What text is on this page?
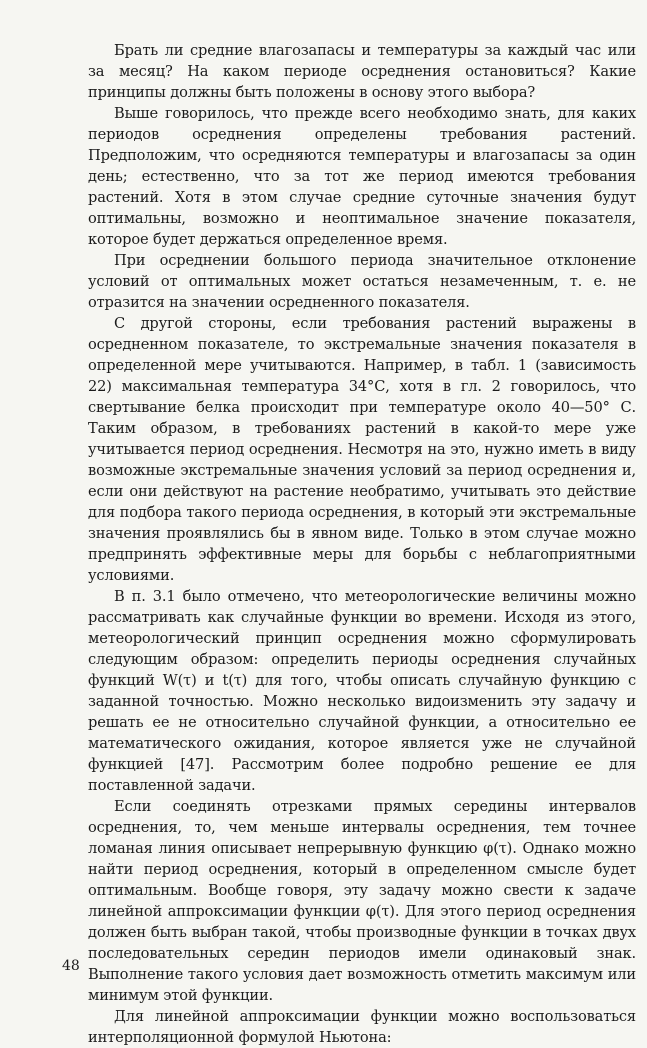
Брать ли средние влагозапасы и температуры за каждый час или за месяц? На каком периоде осреднения остановиться? Какие принципы должны быть положены в основу этого выбора?

Выше говорилось, что прежде всего необходимо знать, для каких периодов осреднения определены требования растений. Предположим, что осредняются температуры и влагозапасы за один день; естественно, что за тот же период имеются требования растений. Хотя в этом случае средние суточные значения будут оптимальны, возможно и неоптимальное значение показателя, которое будет держаться определенное время.

При осреднении большого периода значительное отклонение условий от оптимальных может остаться незамеченным, т. е. не отразится на значении осредненного показателя.

С другой стороны, если требования растений выражены в осредненном показателе, то экстремальные значения показателя в определенной мере учитываются. Например, в табл. 1 (зависимость 22) максимальная температура 34°С, хотя в гл. 2 говорилось, что свертывание белка происходит при температуре около 40—50° С. Таким образом, в требованиях растений в какой-то мере уже учитывается период осреднения. Несмотря на это, нужно иметь в виду возможные экстремальные значения условий за период осреднения и, если они действуют на растение необратимо, учитывать это действие для подбора такого периода осреднения, в который эти экстремальные значения проявлялись бы в явном виде. Только в этом случае можно предпринять эффективные меры для борьбы с неблагоприятными условиями.

В п. 3.1 было отмечено, что метеорологические величины можно рассматривать как случайные функции во времени. Исходя из этого, метеорологический принцип осреднения можно сформулировать следующим образом: определить периоды осреднения случайных функций W(τ) и t(τ) для того, чтобы описать случайную функцию с заданной точностью. Можно несколько видоизменить эту задачу и решать ее не относительно случайной функции, а относительно ее математического ожидания, которое является уже не случайной функцией [47]. Рассмотрим более подробно решение ее для поставленной задачи.

Если соединять отрезками прямых середины интервалов осреднения, то, чем меньше интервалы осреднения, тем точнее ломаная линия описывает непрерывную функцию φ(τ). Однако можно найти период осреднения, который в определенном смысле будет оптимальным. Вообще говоря, эту задачу можно свести к задаче линейной аппроксимации функции φ(τ). Для этого период осреднения должен быть выбран такой, чтобы производные функции в точках двух последовательных середин периодов имели одинаковый знак. Выполнение такого условия дает возможность отметить максимум или минимум этой функции.

Для линейной аппроксимации функции можно воспользоваться интерполяционной формулой Ньютона:

48
